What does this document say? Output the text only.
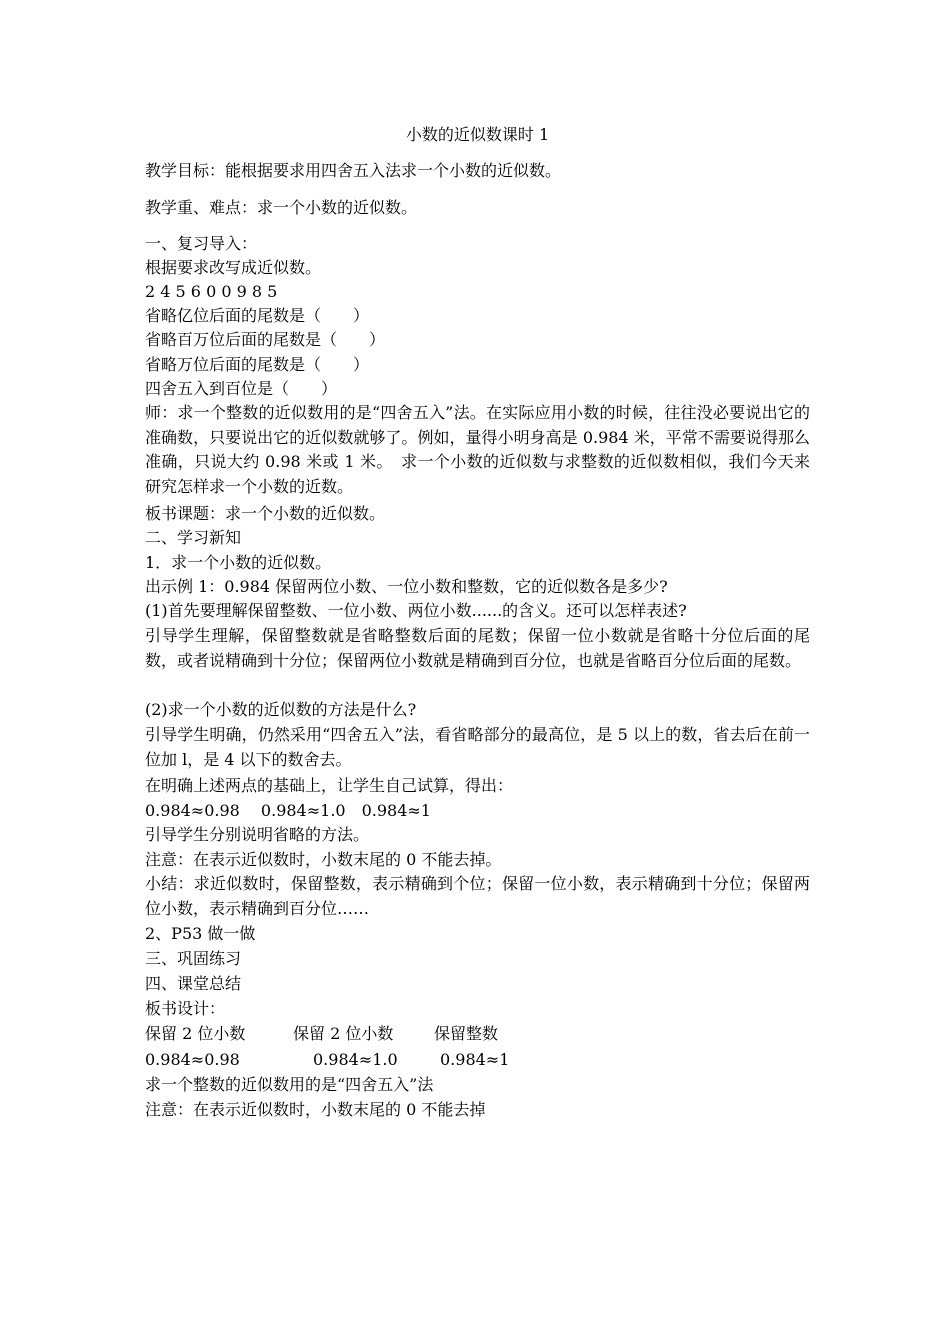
小数的近似数课时 1
教学目标：能根据要求用四舍五入法求一个小数的近似数。
教学重、难点：求一个小数的近似数。
一、复习导入：
根据要求改写成近似数。
2 4 5 6 0 0 9 8 5
省略亿位后面的尾数是（　　）
省略百万位后面的尾数是（　　）
省略万位后面的尾数是（　　）
四舍五入到百位是（　　）
师：求一个整数的近似数用的是“四舍五入”法。在实际应用小数的时候，往往没必要说出它的准确数，只要说出它的近似数就够了。例如，量得小明身高是 0.984 米，平常不需要说得那么准确，只说大约 0.98 米或 1 米。　求一个小数的近似数与求整数的近似数相似，我们今天来研究怎样求一个小数的近数。
板书课题：求一个小数的近似数。
二、学习新知
1．求一个小数的近似数。
出示例 1：0.984 保留两位小数、一位小数和整数，它的近似数各是多少?
(1)首先要理解保留整数、一位小数、两位小数......的含义。还可以怎样表述?
引导学生理解，保留整数就是省略整数后面的尾数；保留一位小数就是省略十分位后面的尾数，或者说精确到十分位；保留两位小数就是精确到百分位，也就是省略百分位后面的尾数。
(2)求一个小数的近似数的方法是什么?
引导学生明确，仍然采用“四舍五入”法，看省略部分的最高位，是 5 以上的数，省去后在前一位加 l，是 4 以下的数舍去。
在明确上述两点的基础上，让学生自己试算，得出：
0.984≈0.98　 0.984≈1.0　0.984≈1
引导学生分别说明省略的方法。
注意：在表示近似数时，小数末尾的 0 不能去掉。
小结：求近似数时，保留整数，表示精确到个位；保留一位小数，表示精确到十分位；保留两位小数，表示精确到百分位……
2、P53 做一做
三、巩固练习
四、课堂总结
板书设计：
保留 2 位小数	保留 2 位小数	保留整数
0.984≈0.98	0.984≈1.0	0.984≈1
求一个整数的近似数用的是“四舍五入”法
注意：在表示近似数时，小数末尾的 0 不能去掉
